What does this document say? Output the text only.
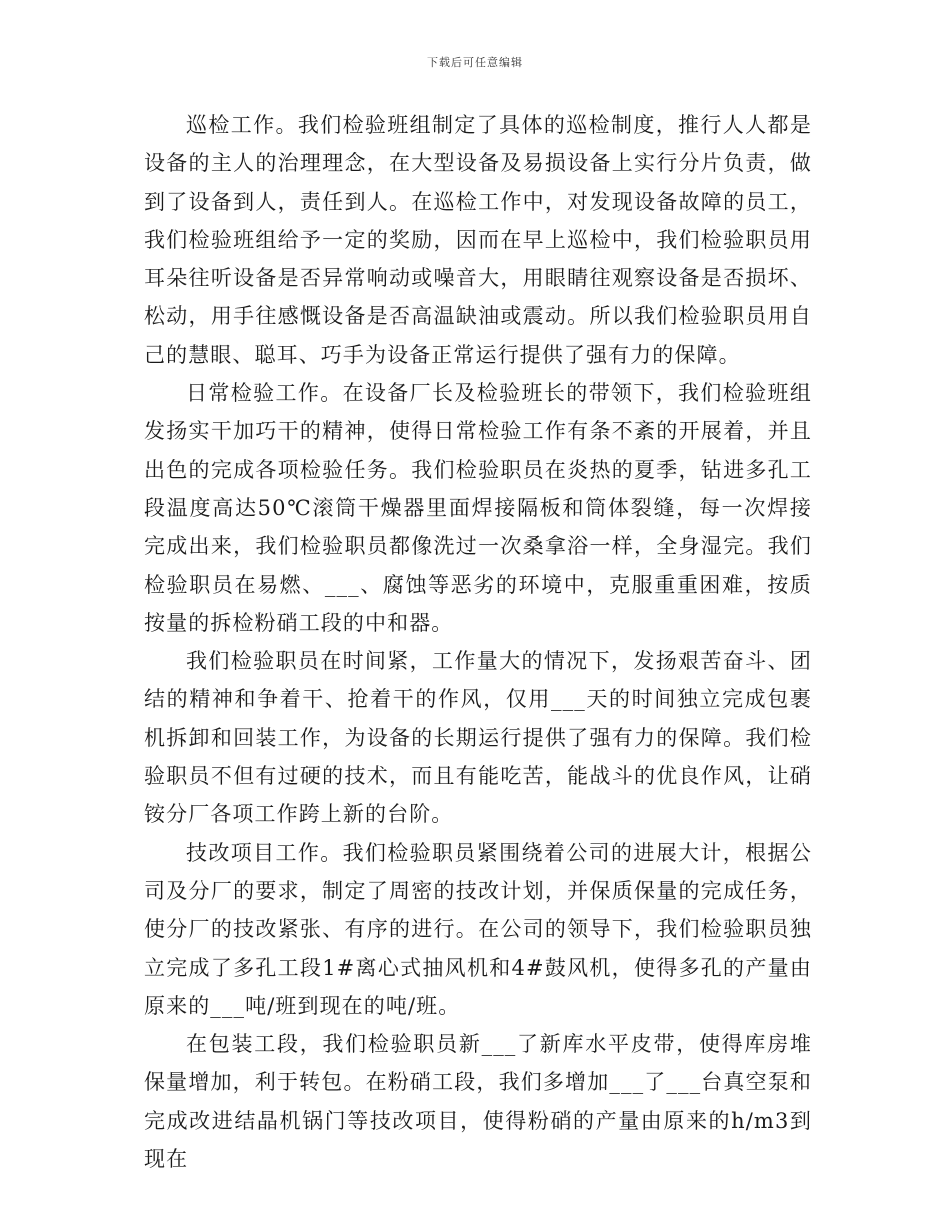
下载后可任意编辑

巡检工作。我们检验班组制定了具体的巡检制度，推行人人都是设备的主人的治理理念，在大型设备及易损设备上实行分片负责，做到了设备到人，责任到人。在巡检工作中，对发现设备故障的员工，我们检验班组给予一定的奖励，因而在早上巡检中，我们检验职员用耳朵往听设备是否异常响动或噪音大，用眼睛往观察设备是否损坏、松动，用手往感慨设备是否高温缺油或震动。所以我们检验职员用自己的慧眼、聪耳、巧手为设备正常运行提供了强有力的保障。

日常检验工作。在设备厂长及检验班长的带领下，我们检验班组发扬实干加巧干的精神，使得日常检验工作有条不紊的开展着，并且出色的完成各项检验任务。我们检验职员在炎热的夏季，钻进多孔工段温度高达50℃滚筒干燥器里面焊接隔板和筒体裂缝，每一次焊接完成出来，我们检验职员都像洗过一次桑拿浴一样，全身湿完。我们检验职员在易燃、___、腐蚀等恶劣的环境中，克服重重困难，按质按量的拆检粉硝工段的中和器。

我们检验职员在时间紧，工作量大的情况下，发扬艰苦奋斗、团结的精神和争着干、抢着干的作风，仅用___天的时间独立完成包裹机拆卸和回装工作，为设备的长期运行提供了强有力的保障。我们检验职员不但有过硬的技术，而且有能吃苦，能战斗的优良作风，让硝铵分厂各项工作跨上新的台阶。

技改项目工作。我们检验职员紧围绕着公司的进展大计，根据公司及分厂的要求，制定了周密的技改计划，并保质保量的完成任务，使分厂的技改紧张、有序的进行。在公司的领导下，我们检验职员独立完成了多孔工段1#离心式抽风机和4#鼓风机，使得多孔的产量由原来的___吨/班到现在的吨/班。

在包装工段，我们检验职员新___了新库水平皮带，使得库房堆保量增加，利于转包。在粉硝工段，我们多增加___了___台真空泵和完成改进结晶机锅门等技改项目，使得粉硝的产量由原来的h/m3到现在
